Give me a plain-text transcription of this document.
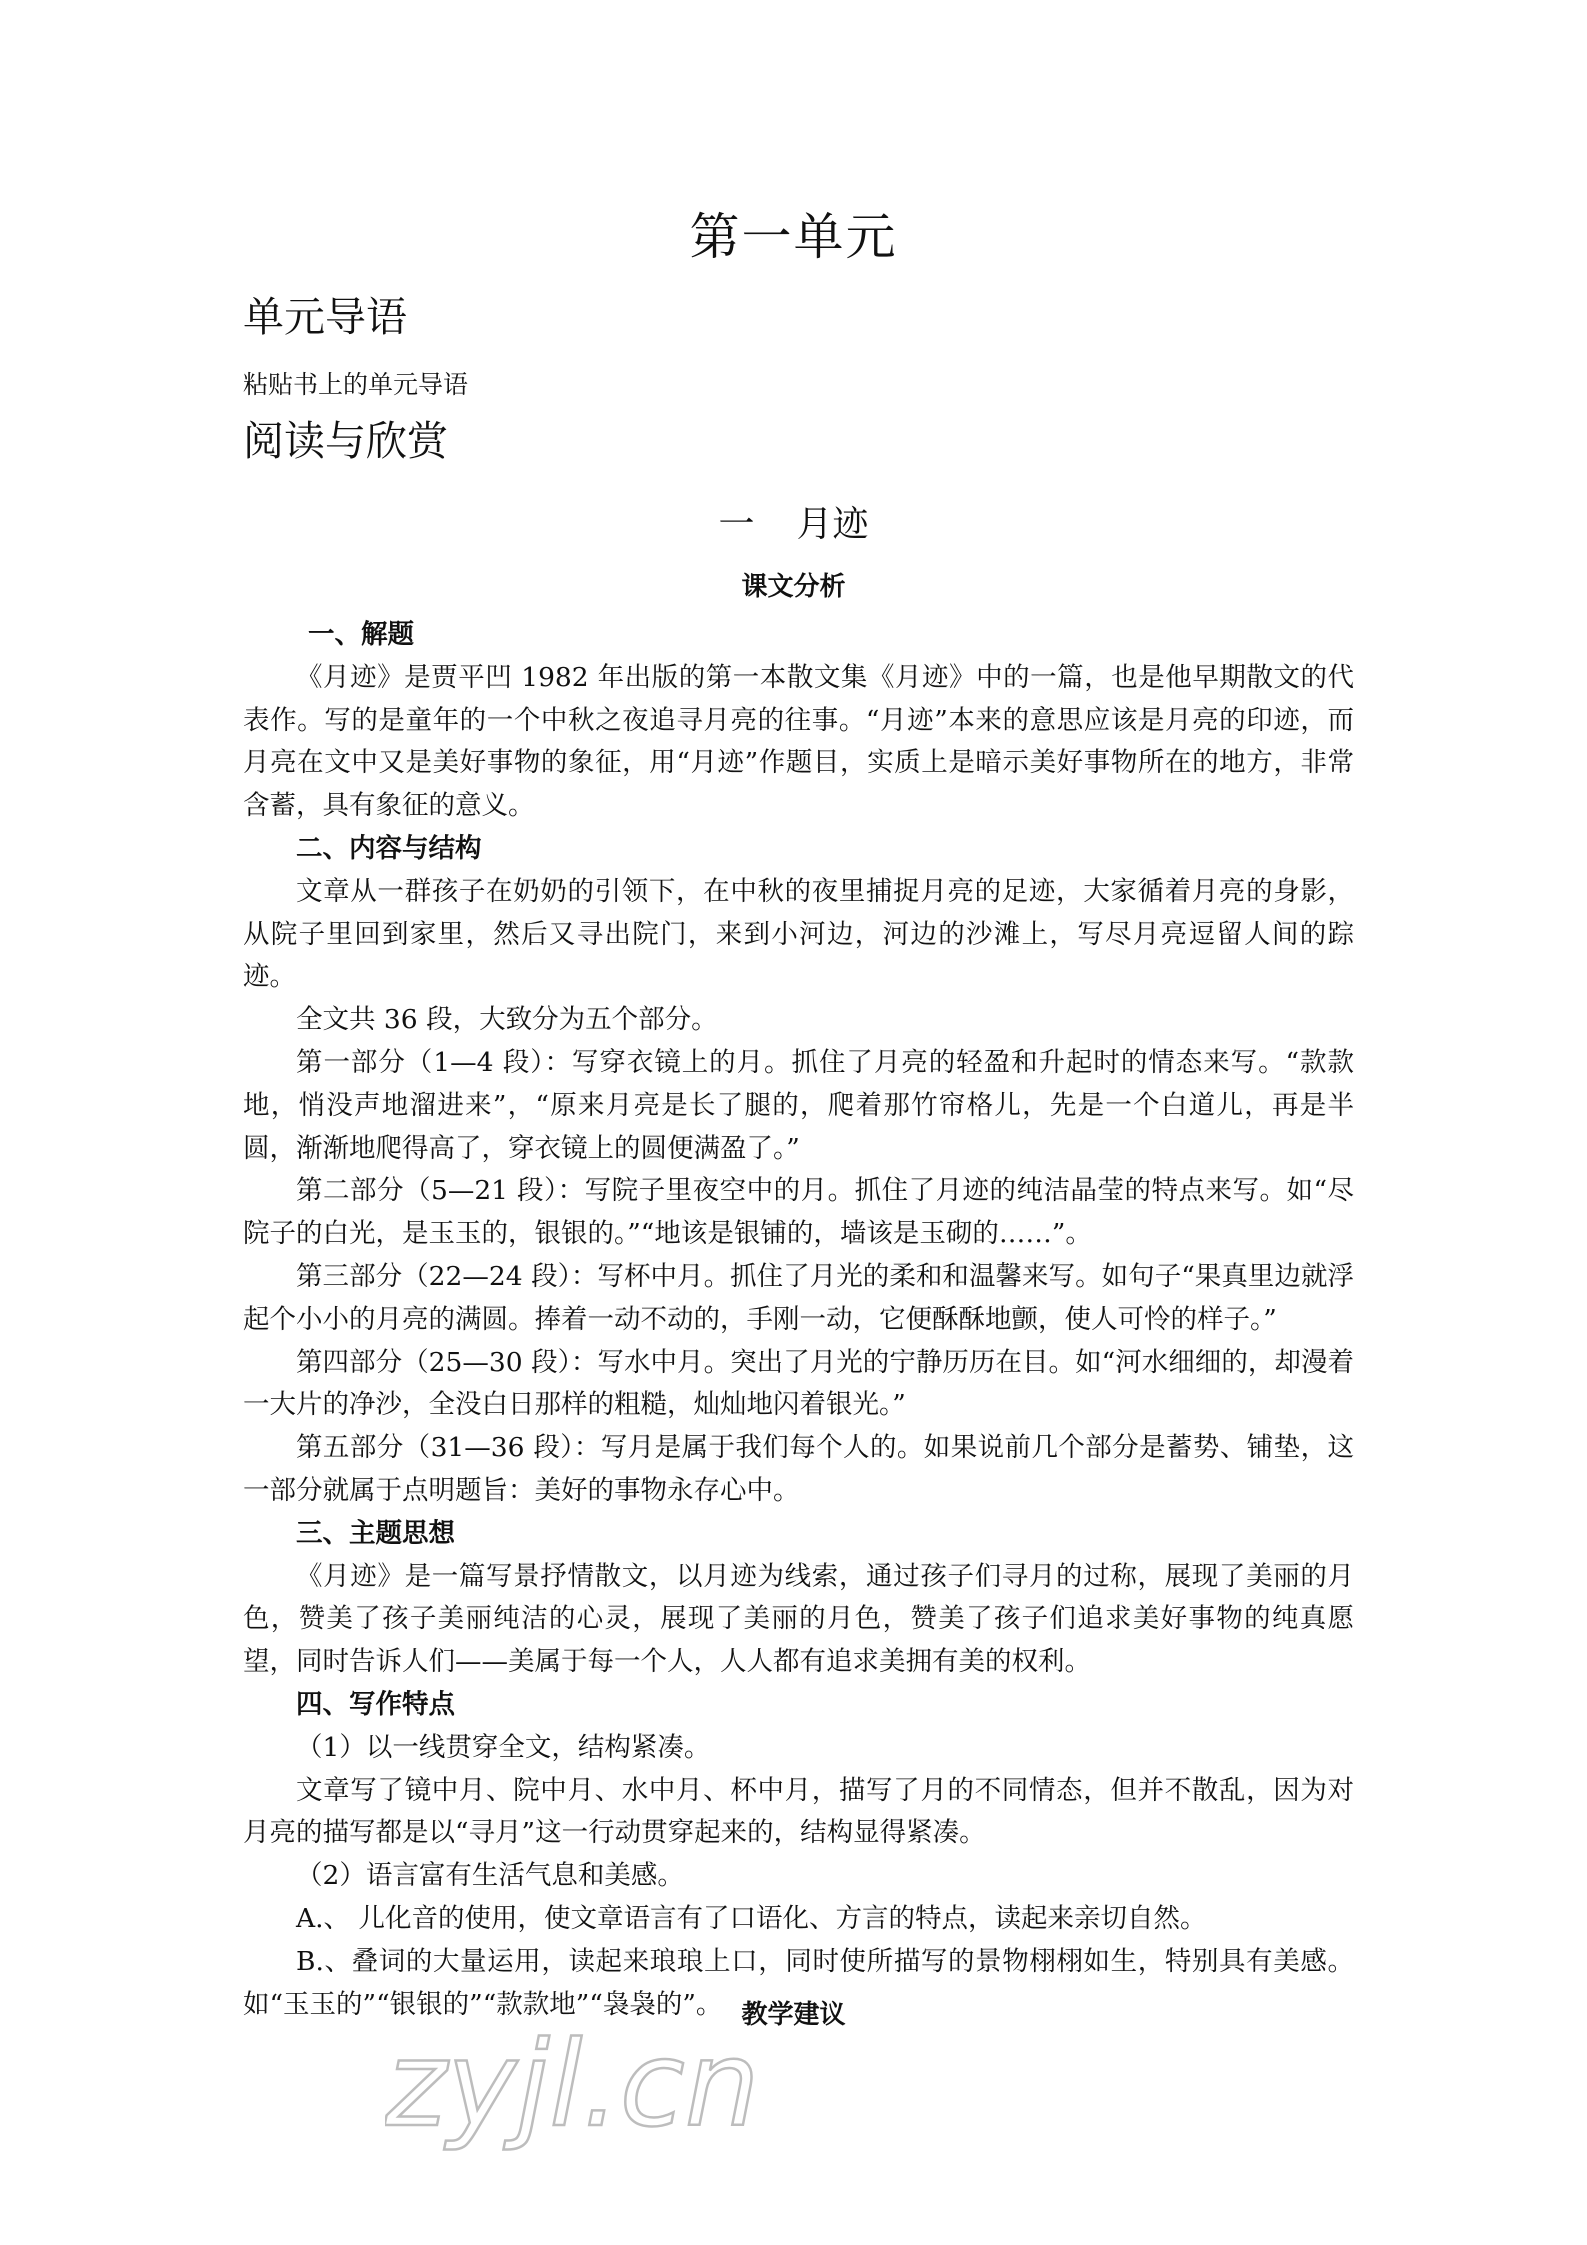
第一单元
单元导语
粘贴书上的单元导语
阅读与欣赏
一 月迹
课文分析
一、解题

《月迹》是贾平凹 1982 年出版的第一本散文集《月迹》中的一篇，也是他早期散文的代表作。写的是童年的一个中秋之夜追寻月亮的往事。“月迹”本来的意思应该是月亮的印迹，而月亮在文中又是美好事物的象征，用“月迹”作题目，实质上是暗示美好事物所在的地方，非常含蓄，具有象征的意义。

二、内容与结构

文章从一群孩子在奶奶的引领下，在中秋的夜里捕捉月亮的足迹，大家循着月亮的身影，从院子里回到家里，然后又寻出院门，来到小河边，河边的沙滩上，写尽月亮逗留人间的踪迹。

全文共 36 段，大致分为五个部分。

第一部分（1—4 段）：写穿衣镜上的月。抓住了月亮的轻盈和升起时的情态来写。“款款地，悄没声地溜进来”，“原来月亮是长了腿的，爬着那竹帘格儿，先是一个白道儿，再是半圆，渐渐地爬得高了，穿衣镜上的圆便满盈了。”

第二部分（5—21 段）：写院子里夜空中的月。抓住了月迹的纯洁晶莹的特点来写。如“尽院子的白光，是玉玉的，银银的。”“地该是银铺的，墙该是玉砌的……”。

第三部分（22—24 段）：写杯中月。抓住了月光的柔和和温馨来写。如句子“果真里边就浮起个小小的月亮的满圆。捧着一动不动的，手刚一动，它便酥酥地颤，使人可怜的样子。”

第四部分（25—30 段）：写水中月。突出了月光的宁静历历在目。如“河水细细的，却漫着一大片的净沙，全没白日那样的粗糙，灿灿地闪着银光。”

第五部分（31—36 段）：写月是属于我们每个人的。如果说前几个部分是蓄势、铺垫，这一部分就属于点明题旨：美好的事物永存心中。

三、主题思想

《月迹》是一篇写景抒情散文，以月迹为线索，通过孩子们寻月的过称，展现了美丽的月色，赞美了孩子美丽纯洁的心灵，展现了美丽的月色，赞美了孩子们追求美好事物的纯真愿望，同时告诉人们——美属于每一个人，人人都有追求美拥有美的权利。

四、写作特点

（1）以一线贯穿全文，结构紧凑。

文章写了镜中月、院中月、水中月、杯中月，描写了月的不同情态，但并不散乱，因为对月亮的描写都是以“寻月”这一行动贯穿起来的，结构显得紧凑。

（2）语言富有生活气息和美感。

A.、 儿化音的使用，使文章语言有了口语化、方言的特点，读起来亲切自然。

B.、叠词的大量运用，读起来琅琅上口，同时使所描写的景物栩栩如生，特别具有美感。如“玉玉的”“银银的”“款款地”“袅袅的”。 教学建议
zyjl.cn
